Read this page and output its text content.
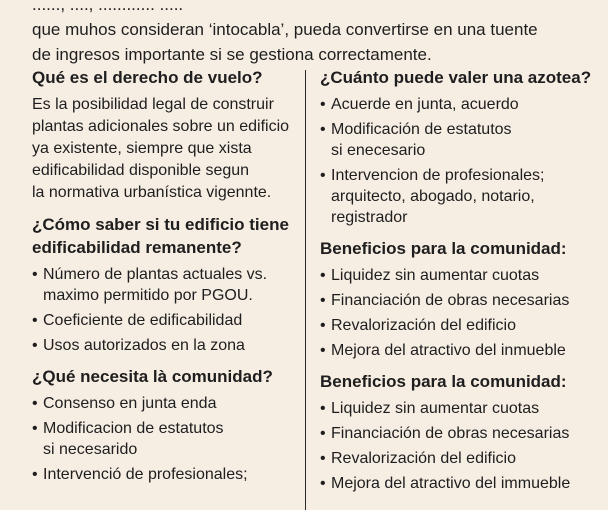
......, ...., ............ .....
que muhos consideran ‘intocabla’, pueda convertirse en una tuente
de ingresos importante si se gestiona correctamente.
Qué es el derecho de vuelo?
Es la posibilidad legal de construir
plantas adicionales sobre un edificio
ya existente, siempre que xista
edificabilidad disponible segun
la normativa urbanística vigennte.
¿Cómo saber si tu edificio tiene
edificabilidad remanente?
• Número de plantas actuales vs.
maximo permitido por PGOU.
• Coeficiente de edificabilidad
• Usos autorizados en la zona
¿Qué necesita là comunidad?
• Consenso en junta enda
• Modificacion de estatutos
si necesarido
• Intervenció de profesionales;
¿Cuánto puede valer una azotea?
• Acuerde en junta, acuerdo
• Modificación de estatutos
si enecesario
• Intervencion de profesionales;
arquitecto, abogado, notario,
registrador
Beneficios para la comunidad:
• Liquidez sin aumentar cuotas
• Financiación de obras necesarias
• Revalorización del edificio
• Mejora del atractivo del inmueble
Beneficios para la comunidad:
• Liquidez sin aumentar cuotas
• Financiación de obras necesarias
• Revalorización del edificio
• Mejora del atractivo del immueble
